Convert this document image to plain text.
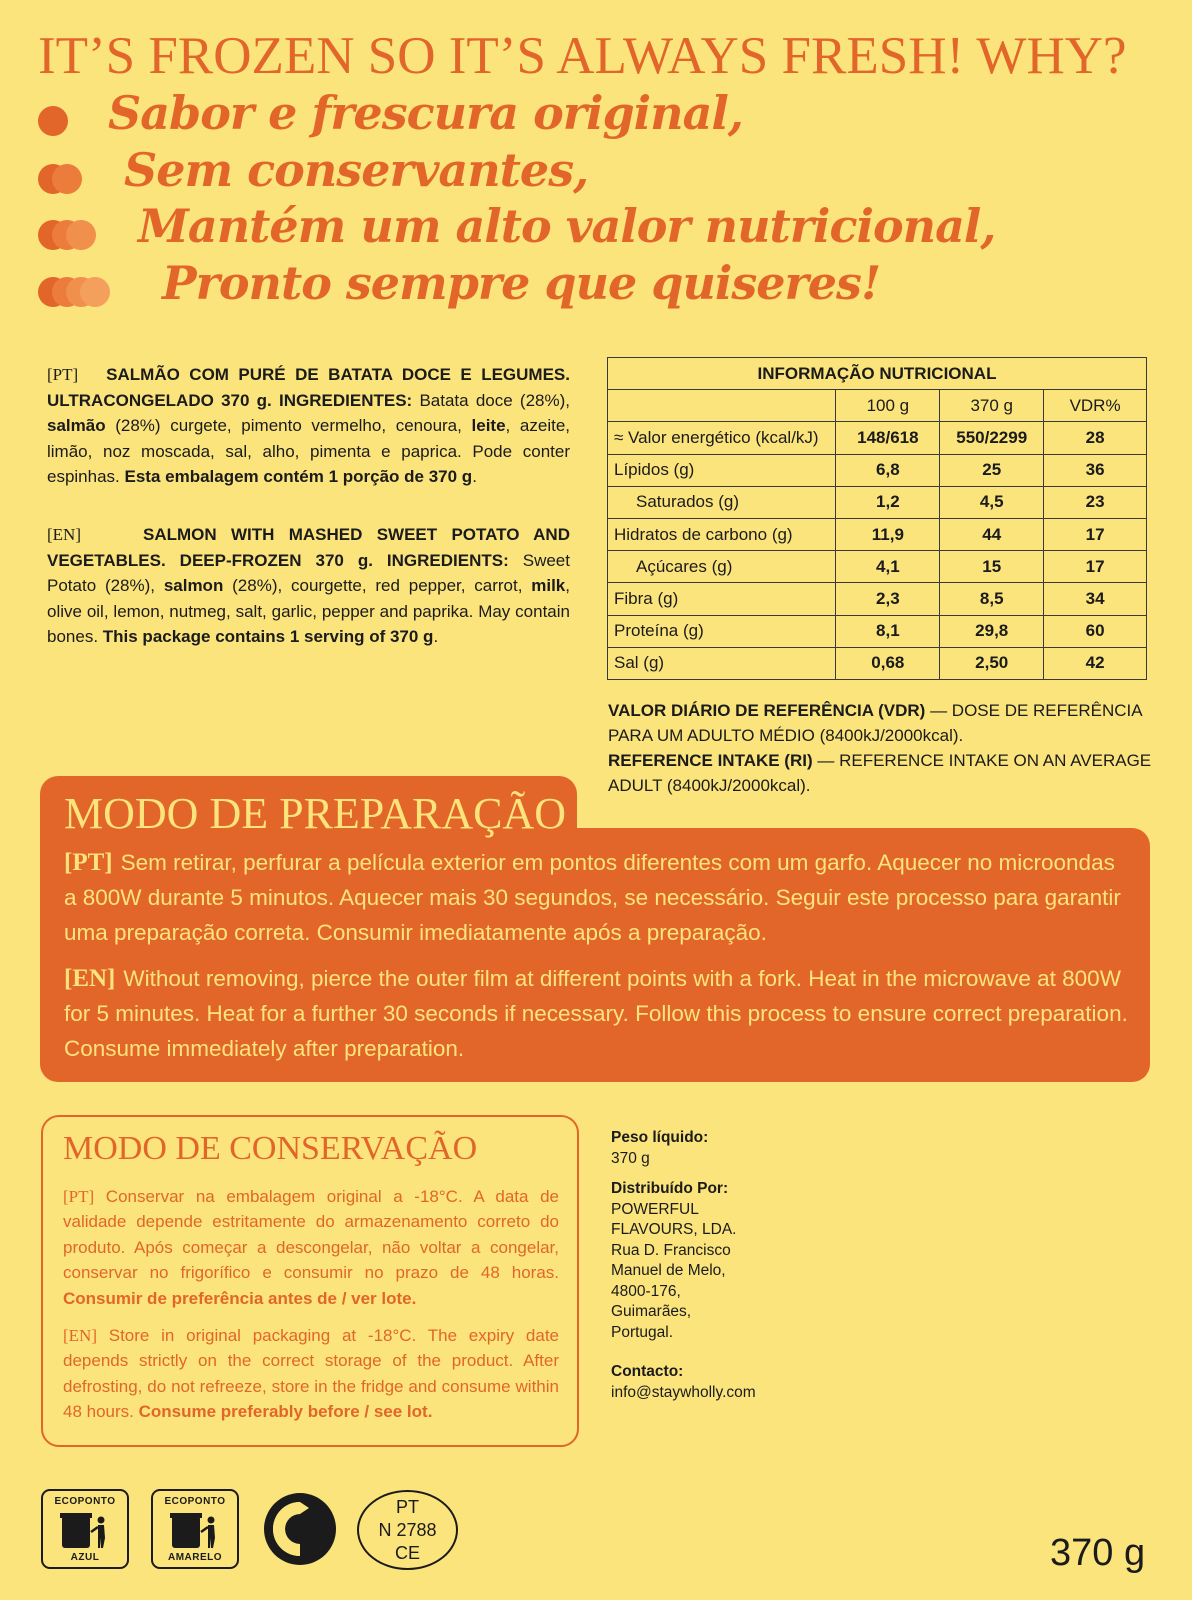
IT’S FROZEN SO IT’S ALWAYS FRESH! WHY?
Sabor e frescura original,
Sem conservantes,
Mantém um alto valor nutricional,
Pronto sempre que quiseres!
[PT] SALMÃO COM PURÉ DE BATATA DOCE E LEGUMES. ULTRACONGELADO 370 g. INGREDIENTES: Batata doce (28%), salmão (28%) curgete, pimento vermelho, cenoura, leite, azeite, limão, noz moscada, sal, alho, pimenta e paprica. Pode conter espinhas. Esta embalagem contém 1 porção de 370 g.
[EN]	SALMON WITH MASHED SWEET POTATO AND VEGETABLES. DEEP-FROZEN 370 g. INGREDIENTS: Sweet Potato (28%), salmon (28%), courgette, red pepper, carrot, milk, olive oil, lemon, nutmeg, salt, garlic, pepper and paprika. May contain bones. This package contains 1 serving of 370 g.
INFORMAÇÃO NUTRICIONAL			
	100 g	370 g	VDR%
≈ Valor energético (kcal/kJ)	148/618	550/2299	28
Lípidos (g)	6,8	25	36
Saturados (g)	1,2	4,5	23
Hidratos de carbono (g)	11,9	44	17
Açúcares (g)	4,1	15	17
Fibra (g)	2,3	8,5	34
Proteína (g)	8,1	29,8	60
Sal (g)	0,68	2,50	42
VALOR DIÁRIO DE REFERÊNCIA (VDR) — DOSE DE REFERÊNCIA PARA UM ADULTO MÉDIO (8400kJ/2000kcal).
REFERENCE INTAKE (RI) — REFERENCE INTAKE ON AN AVERAGE ADULT (8400kJ/2000kcal).
MODO DE PREPARAÇÃO
[PT] Sem retirar, perfurar a película exterior em pontos diferentes com um garfo. Aquecer no microondas a 800W durante 5 minutos. Aquecer mais 30 segundos, se necessário. Seguir este processo para garantir uma preparação correta. Consumir imediatamente após a preparação.
[EN] Without removing, pierce the outer film at different points with a fork. Heat in the microwave at 800W for 5 minutes. Heat for a further 30 seconds if necessary. Follow this process to ensure correct preparation. Consume immediately after preparation.
MODO DE CONSERVAÇÃO
[PT] Conservar na embalagem original a -18°C. A data de validade depende estritamente do armazenamento correto do produto. Após começar a descongelar, não voltar a congelar, conservar no frigorífico e consumir no prazo de 48 horas. Consumir de preferência antes de / ver lote.
[EN] Store in original packaging at -18°C. The expiry date depends strictly on the correct storage of the product. After defrosting, do not refreeze, store in the fridge and consume within 48 hours. Consume preferably before / see lot.
Peso líquido:
370 g
Distribuído Por:
POWERFUL
FLAVOURS, LDA.
Rua D. Francisco
Manuel de Melo,
4800-176,
Guimarães,
Portugal.
Contacto:
info@staywholly.com
ECOPONTO
AZUL
ECOPONTO
AMARELO
PT
N 2788
CE	370 g
